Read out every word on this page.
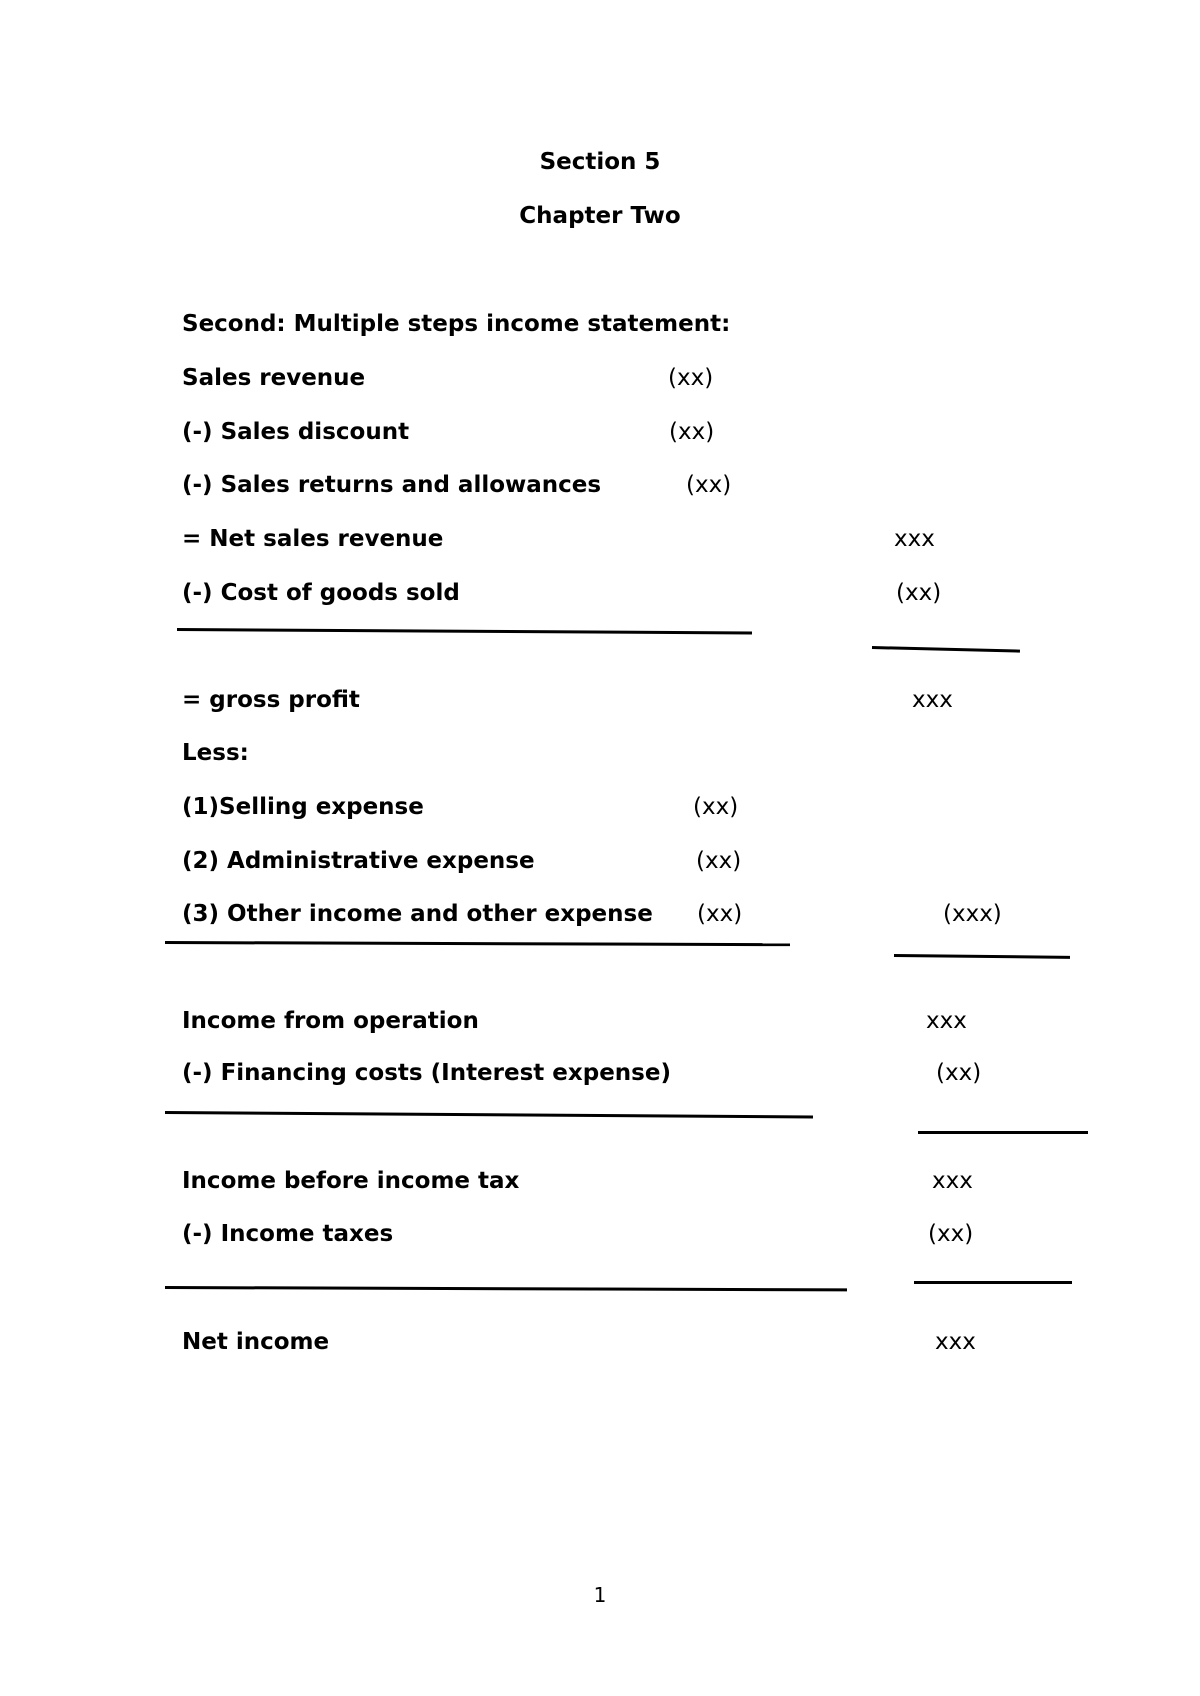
Section 5
Chapter Two
Second: Multiple steps income statement:
Sales revenue	(xx)
(-) Sales discount	(xx)
(-) Sales returns and allowances	(xx)
= Net sales revenue	xxx
(-) Cost of goods sold	(xx)
= gross profit	xxx
Less:
(1)Selling expense	(xx)
(2) Administrative expense	(xx)
(3) Other income and other expense (xx)	(xxx)
Income from operation	xxx
(-) Financing costs (Interest expense)	(xx)
Income before income tax	xxx
(-) Income taxes	(xx)
Net income	xxx
1
